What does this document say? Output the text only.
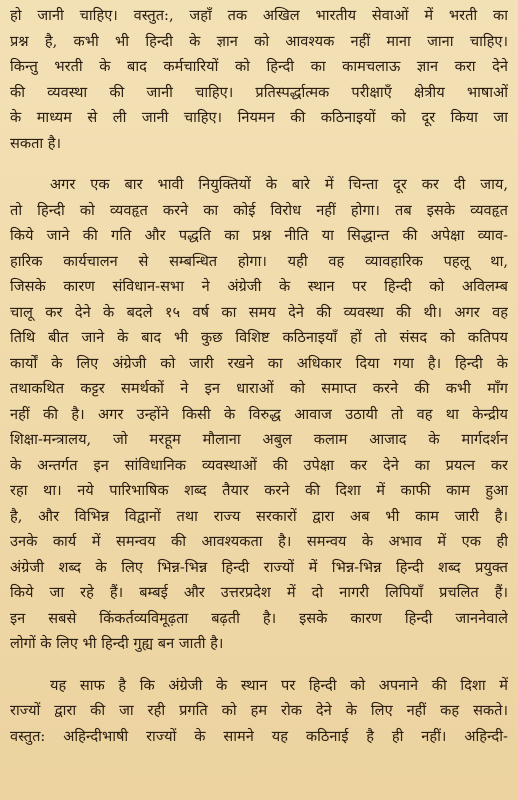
हो जानी चाहिए। वस्तुत:, जहाँ तक अखिल भारतीय सेवाओं में भरती का
प्रश्न है, कभी भी हिन्दी के ज्ञान को आवश्यक नहीं माना जाना चाहिए।
किन्तु भरती के बाद कर्मचारियों को हिन्दी का कामचलाऊ ज्ञान करा देने
की व्यवस्था की जानी चाहिए। प्रतिस्पर्द्धात्मक परीक्षाएँ क्षेत्रीय भाषाओं
के माध्यम से ली जानी चाहिए। नियमन की कठिनाइयों को दूर किया जा
सकता है।
अगर एक बार भावी नियुक्तियों के बारे में चिन्ता दूर कर दी जाय,
तो हिन्दी को व्यवहृत करने का कोई विरोध नहीं होगा। तब इसके व्यवहृत
किये जाने की गति और पद्धति का प्रश्न नीति या सिद्धान्त की अपेक्षा व्याव-
हारिक कार्यचालन से सम्बन्धित होगा। यही वह व्यावहारिक पहलू था,
जिसके कारण संविधान-सभा ने अंग्रेजी के स्थान पर हिन्दी को अविलम्ब
चालू कर देने के बदले १५ वर्ष का समय देने की व्यवस्था की थी। अगर वह
तिथि बीत जाने के बाद भी कुछ विशिष्ट कठिनाइयाँ हों तो संसद को कतिपय
कार्यों के लिए अंग्रेजी को जारी रखने का अधिकार दिया गया है। हिन्दी के
तथाकथित कट्टर समर्थकों ने इन धाराओं को समाप्त करने की कभी माँग
नहीं की है। अगर उन्होंने किसी के विरुद्ध आवाज उठायी तो वह था केन्द्रीय
शिक्षा-मन्त्रालय, जो मरहूम मौलाना अबुल कलाम आजाद के मार्गदर्शन
के अन्तर्गत इन सांविधानिक व्यवस्थाओं की उपेक्षा कर देने का प्रयत्न कर
रहा था। नये पारिभाषिक शब्द तैयार करने की दिशा में काफी काम हुआ
है, और विभिन्न विद्वानों तथा राज्य सरकारों द्वारा अब भी काम जारी है।
उनके कार्य में समन्वय की आवश्यकता है। समन्वय के अभाव में एक ही
अंग्रेजी शब्द के लिए भिन्न-भिन्न हिन्दी राज्यों में भिन्न-भिन्न हिन्दी शब्द प्रयुक्त
किये जा रहे हैं। बम्बई और उत्तरप्रदेश में दो नागरी लिपियाँ प्रचलित हैं।
इन सबसे किंकर्तव्यविमूढ़ता बढ़ती है। इसके कारण हिन्दी जाननेवाले
लोगों के लिए भी हिन्दी गुह्य बन जाती है।
यह साफ है कि अंग्रेजी के स्थान पर हिन्दी को अपनाने की दिशा में
राज्यों द्वारा की जा रही प्रगति को हम रोक देने के लिए नहीं कह सकते।
वस्तुत: अहिन्दीभाषी राज्यों के सामने यह कठिनाई है ही नहीं। अहिन्दी-
